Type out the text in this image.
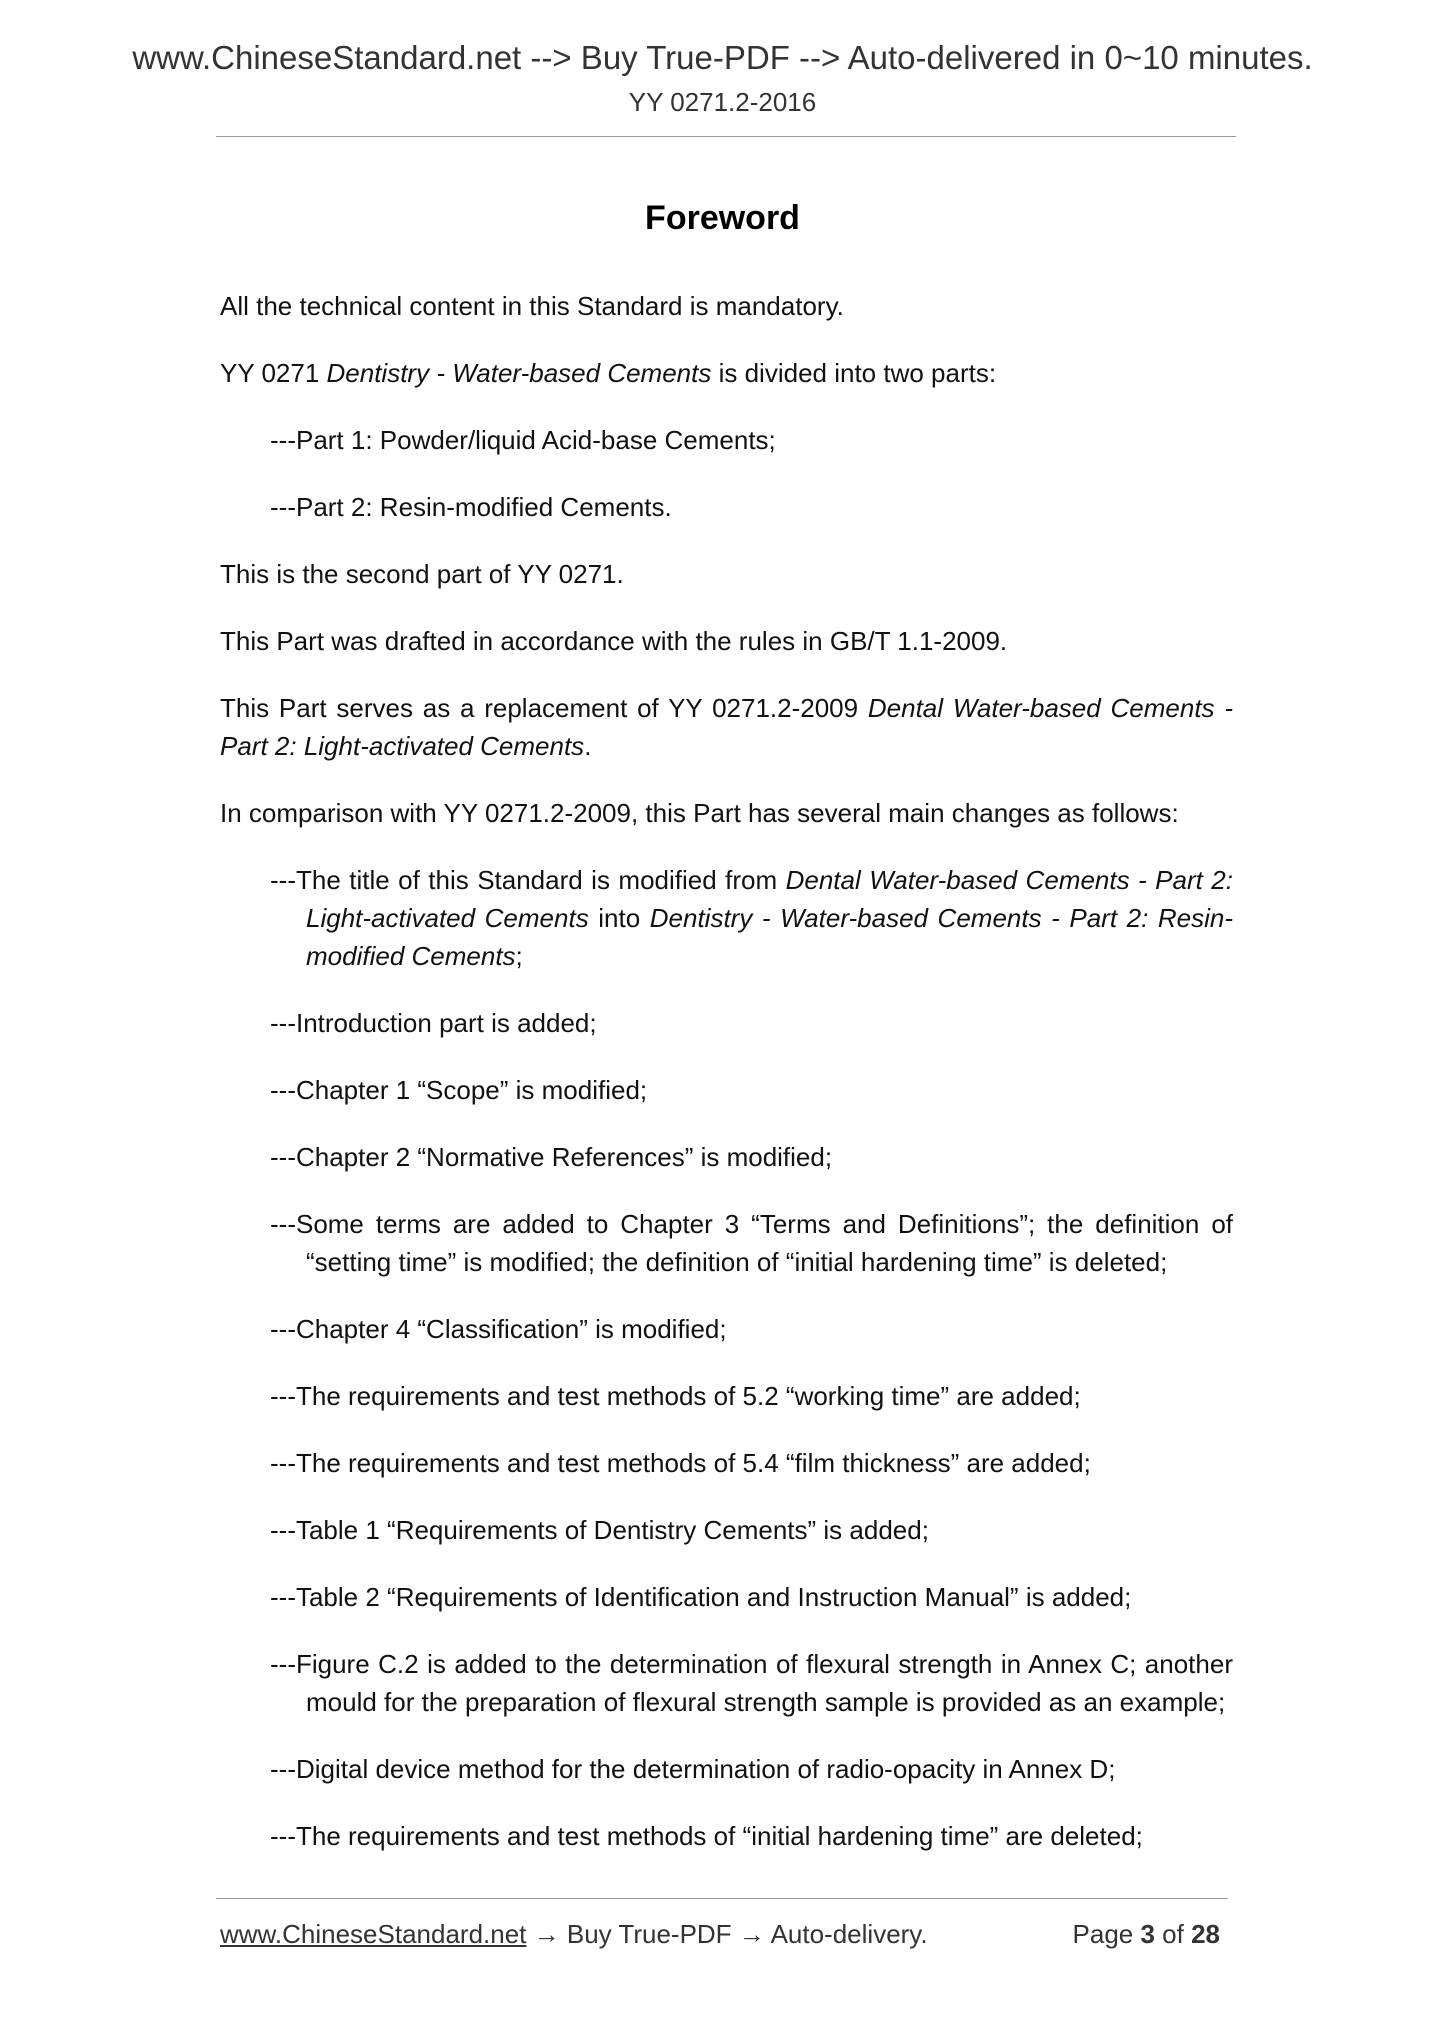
www.ChineseStandard.net --> Buy True-PDF --> Auto-delivered in 0~10 minutes.
YY 0271.2-2016
Foreword

All the technical content in this Standard is mandatory.

YY 0271 Dentistry - Water-based Cements is divided into two parts:

---Part 1: Powder/liquid Acid-base Cements;

---Part 2: Resin-modified Cements.

This is the second part of YY 0271.

This Part was drafted in accordance with the rules in GB/T 1.1-2009.

This Part serves as a replacement of YY 0271.2-2009 Dental Water-based Cements - Part 2: Light-activated Cements.

In comparison with YY 0271.2-2009, this Part has several main changes as follows:

---The title of this Standard is modified from Dental Water-based Cements - Part 2: Light-activated Cements into Dentistry - Water-based Cements - Part 2: Resin-modified Cements;

---Introduction part is added;

---Chapter 1 “Scope” is modified;

---Chapter 2 “Normative References” is modified;

---Some terms are added to Chapter 3 “Terms and Definitions”; the definition of “setting time” is modified; the definition of “initial hardening time” is deleted;

---Chapter 4 “Classification” is modified;

---The requirements and test methods of 5.2 “working time” are added;

---The requirements and test methods of 5.4 “film thickness” are added;

---Table 1 “Requirements of Dentistry Cements” is added;

---Table 2 “Requirements of Identification and Instruction Manual” is added;

---Figure C.2 is added to the determination of flexural strength in Annex C; another mould for the preparation of flexural strength sample is provided as an example;

---Digital device method for the determination of radio-opacity in Annex D;

---The requirements and test methods of “initial hardening time” are deleted;

www.ChineseStandard.net → Buy True-PDF → Auto-delivery.	Page 3 of 28
